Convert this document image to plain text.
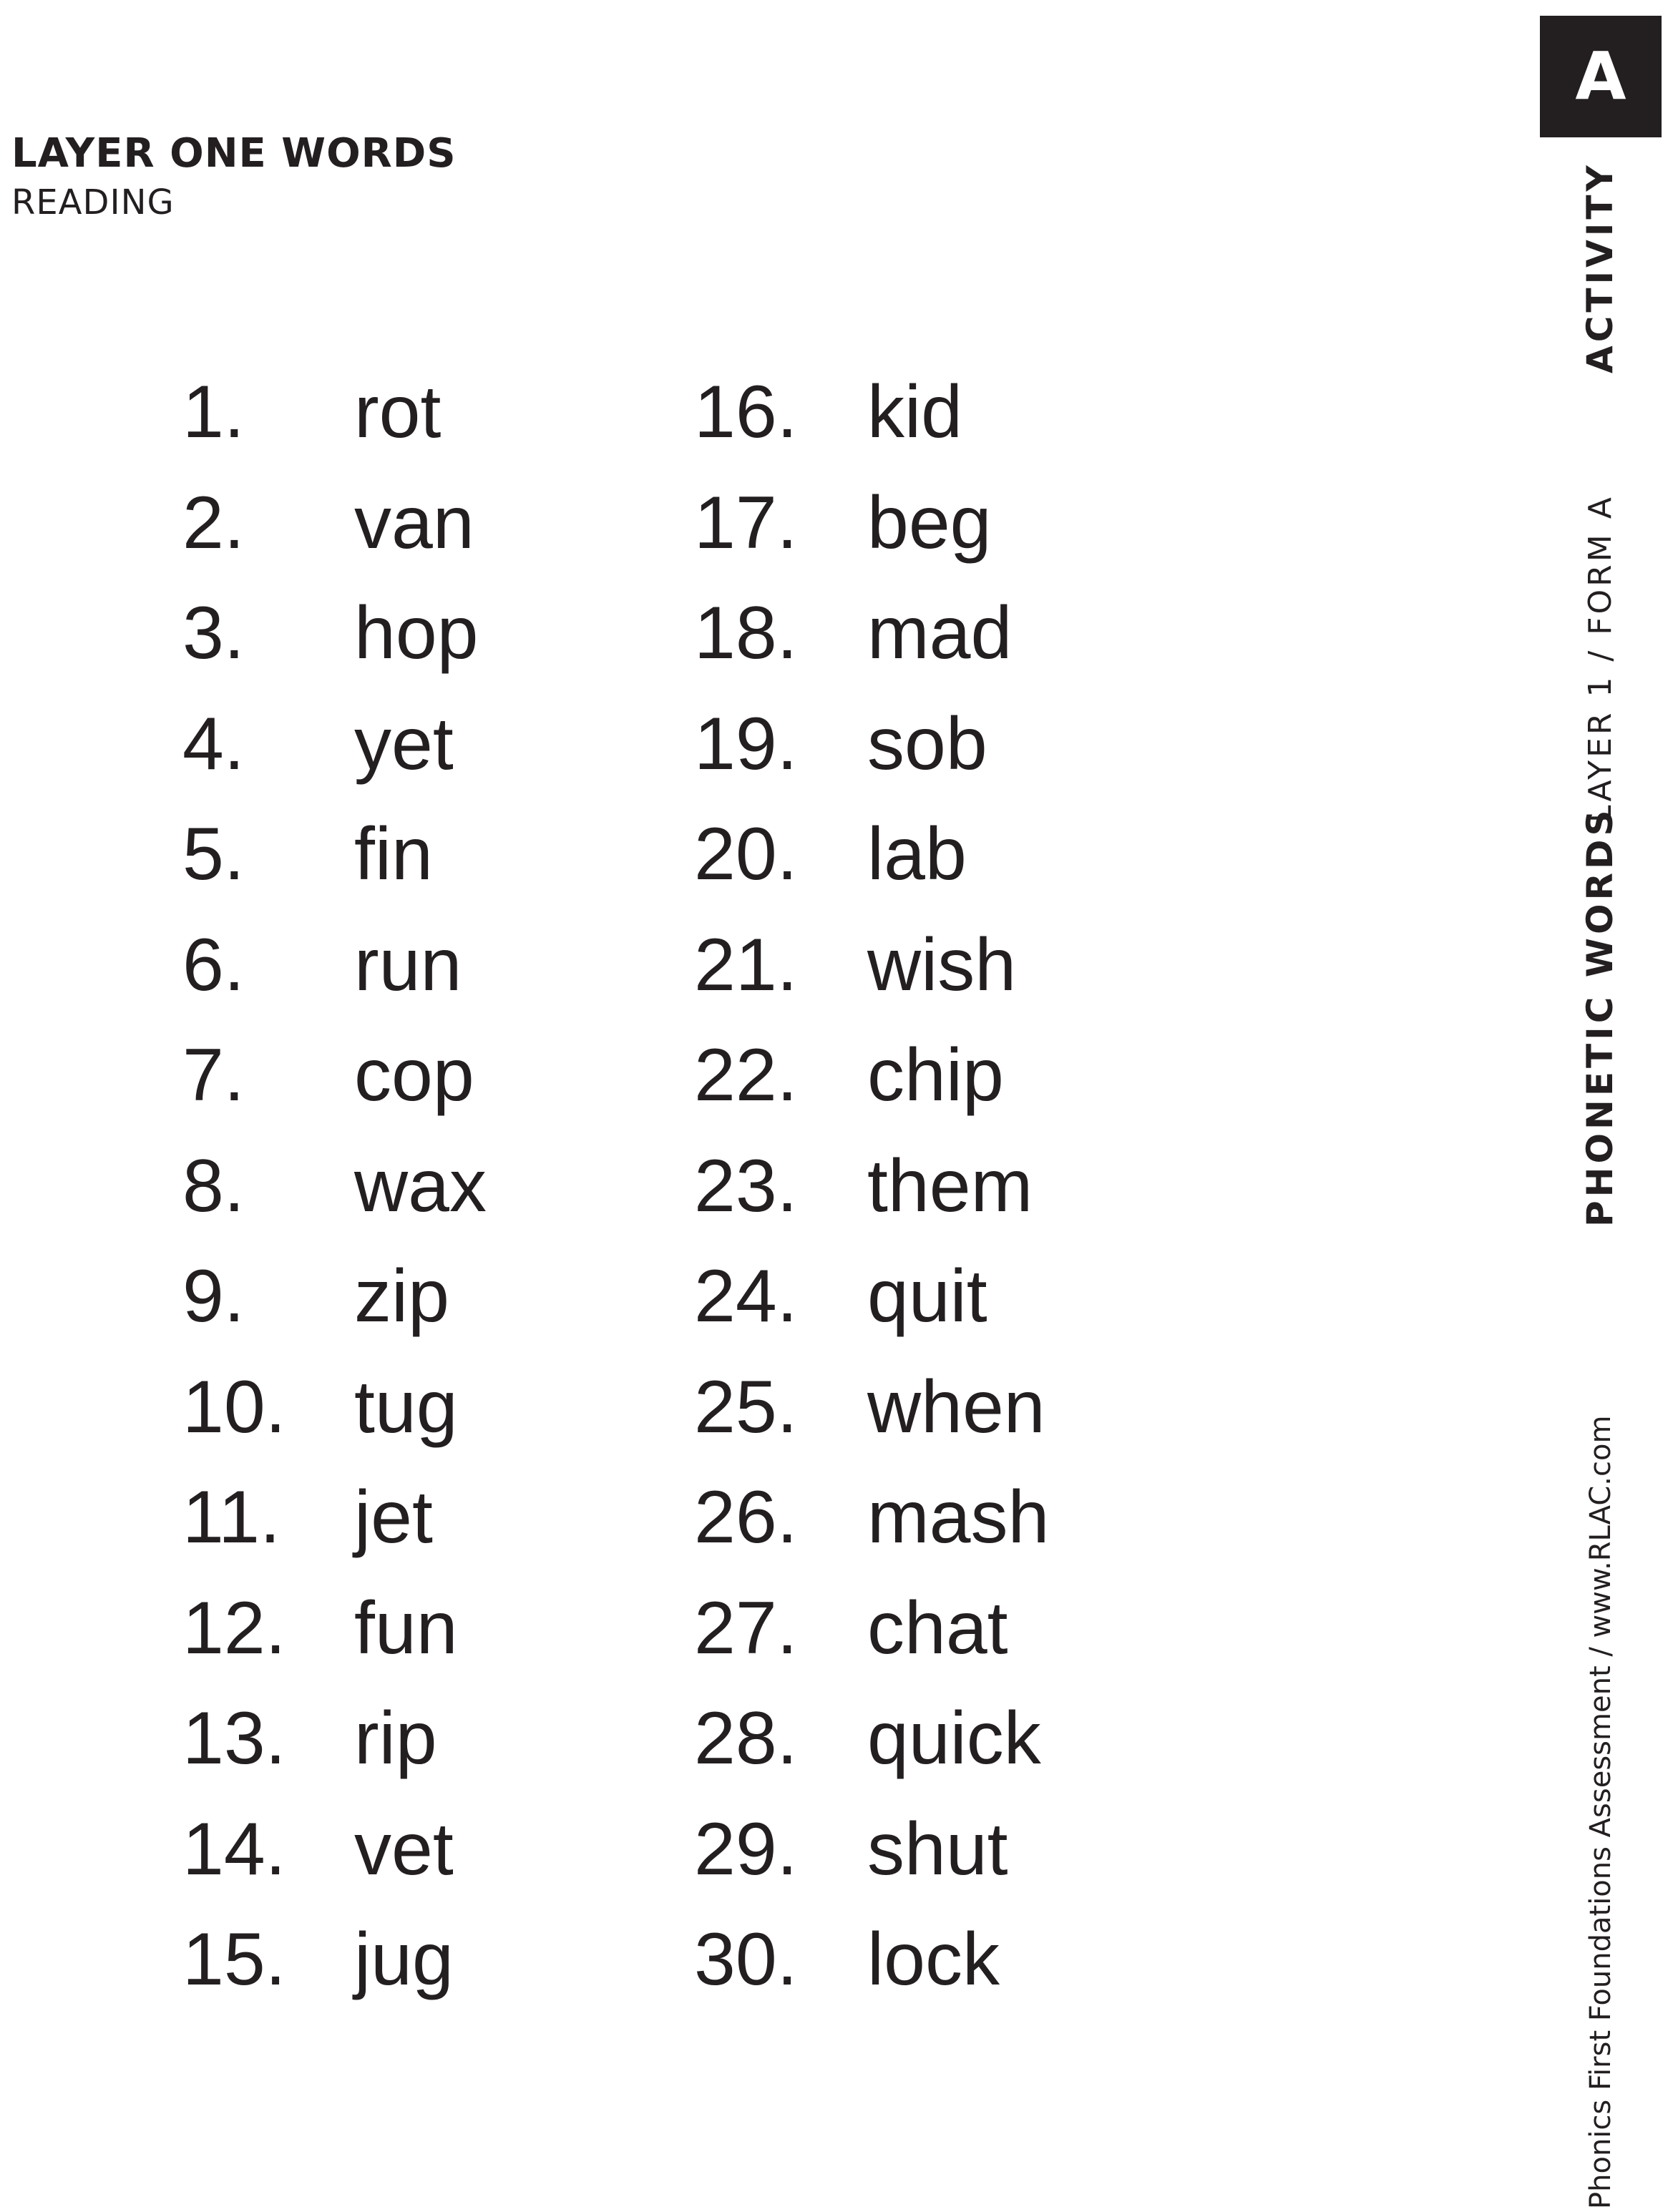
LAYER ONE WORDS
READING
1. rot
2. van
3. hop
4. yet
5. fin
6. run
7. cop
8. wax
9. zip
10. tug
11. jet
12. fun
13. rip
14. vet
15. jug
16. kid
17. beg
18. mad
19. sob
20. lab
21. wish
22. chip
23. them
24. quit
25. when
26. mash
27. chat
28. quick
29. shut
30. lock
A
ACTIVITY
LAYER 1 / FORM A
PHONETIC WORDS
Phonics First Foundations Assessment / www.RLAC.com
